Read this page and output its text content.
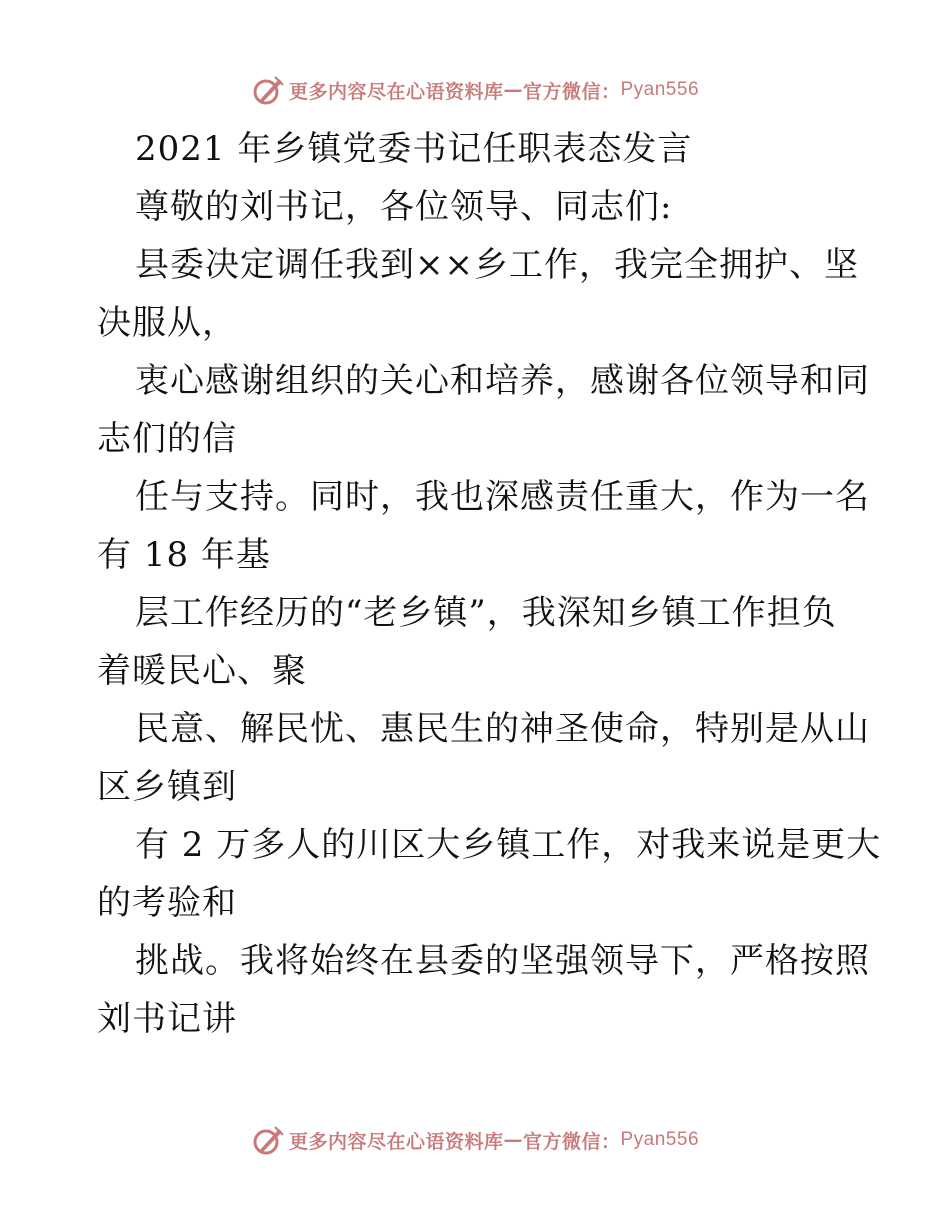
更多内容尽在心语资料库 — 官方微信： Pyan556
2021 年乡镇党委书记任职表态发言
尊敬的刘书记，各位领导、同志们:
县委决定调任我到××乡工作，我完全拥护、坚
决服从，
衷心感谢组织的关心和培养，感谢各位领导和同
志们的信
任与支持。同时，我也深感责任重大，作为一名
有 18 年基
层工作经历的“老乡镇”，我深知乡镇工作担负
着暖民心、聚
民意、解民忧、惠民生的神圣使命，特别是从山
区乡镇到
有 2 万多人的川区大乡镇工作，对我来说是更大
的考验和
挑战。我将始终在县委的坚强领导下，严格按照
刘书记讲
更多内容尽在心语资料库 — 官方微信： Pyan556
